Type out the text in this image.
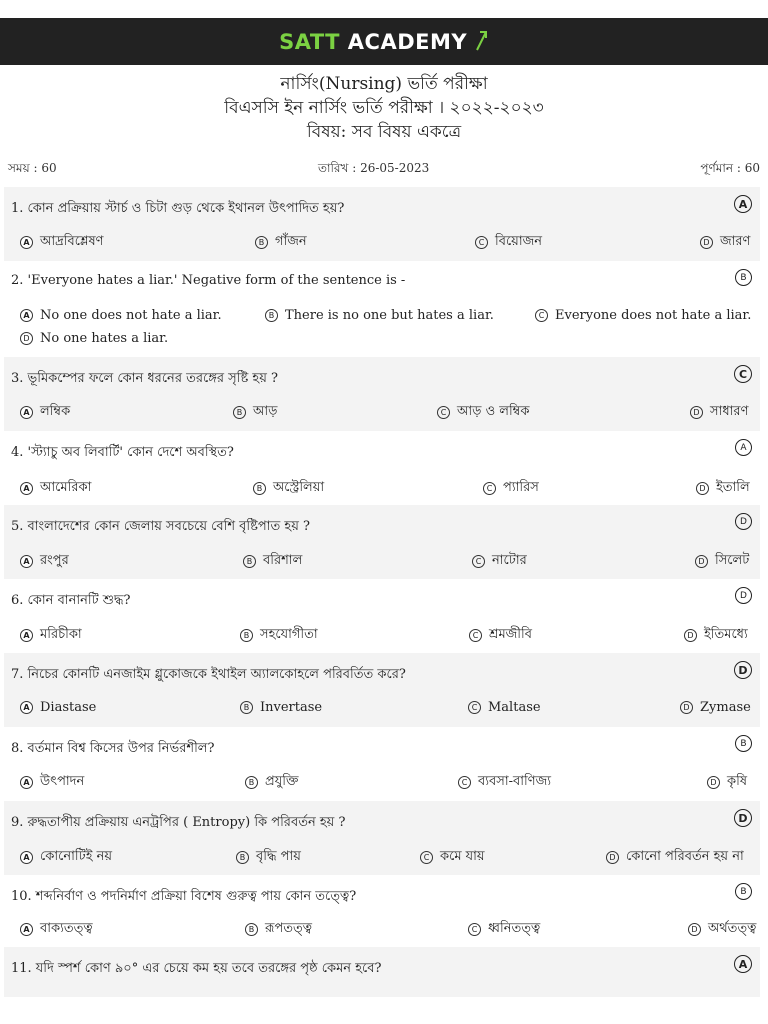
SATT ACADEMY
নার্সিং(Nursing) ভর্তি পরীক্ষা
বিএসসি ইন নার্সিং ভর্তি পরীক্ষা । ২০২২-২০২৩
বিষয়: সব বিষয় একত্রে
সময় : 60	তারিখ : 26-05-2023	পূর্ণমান : 60
1. কোন প্রক্রিয়ায় স্টার্চ ও চিটা গুড় থেকে ইথানল উৎপাদিত হয়?	A
2. 'Everyone hates a liar.' Negative form of the sentence is -	B
3. ভূমিকম্পের ফলে কোন ধরনের তরঙ্গের সৃষ্টি হয় ?	C
4. 'স্ট্যাচু অব লিবার্টি' কোন দেশে অবস্থিত?	A
5. বাংলাদেশের কোন জেলায় সবচেয়ে বেশি বৃষ্টিপাত হয় ?	D
6. কোন বানানটি শুদ্ধ?	D
7. নিচের কোনটি এনজাইম গ্লুকোজকে ইথাইল অ্যালকোহলে পরিবর্তিত করে?	D
8. বর্তমান বিশ্ব কিসের উপর নির্ভরশীল?	B
9. রুদ্ধতাপীয় প্রক্রিয়ায় এনট্রপির ( Entropy) কি পরিবর্তন হয় ?	D
10. শব্দনির্বাণ ও পদনির্মাণ প্রক্রিয়া বিশেষ গুরুত্ব পায় কোন তত্ত্বে?	B
11. যদি স্পর্শ কোণ ৯০° এর চেয়ে কম হয় তবে তরঙ্গের পৃষ্ঠ কেমন হবে?	A
A আদ্রবিশ্লেষণ	B গাঁজন	C বিয়োজন	D জারণ
A No one does not hate a liar.	B There is no one but hates a liar.	C Everyone does not hate a liar.
D No one hates a liar.
A লম্বিক	B আড়	C আড় ও লম্বিক	D সাধারণ
A আমেরিকা	B অস্ট্রেলিয়া	C প্যারিস	D ইতালি
A রংপুর	B বরিশাল	C নাটোর	D সিলেট
A মরিচীকা	B সহযোগীতা	C শ্রমজীবি	D ইতিমধ্যে
A Diastase	B Invertase	C Maltase	D Zymase
A উৎপাদন	B প্রযুক্তি	C ব্যবসা-বাণিজ্য	D কৃষি
A কোনোটিই নয়	B বৃদ্ধি পায়	C কমে যায়	D কোনো পরিবর্তন হয় না
A বাক্যতত্ত্ব	B রূপতত্ত্ব	C ধ্বনিতত্ত্ব	D অর্থতত্ত্ব
